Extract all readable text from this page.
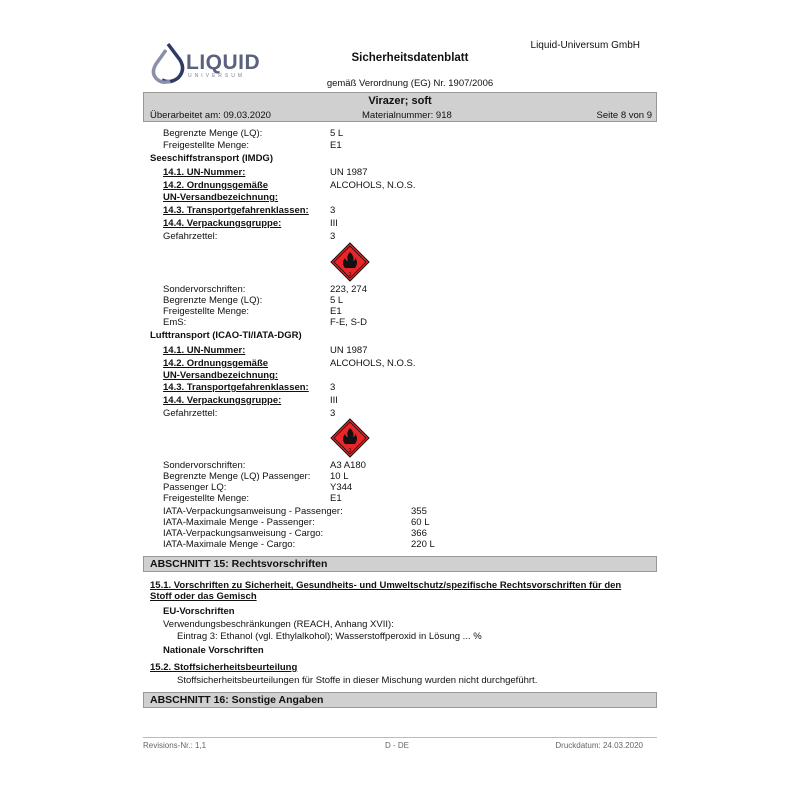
LIQUID
UNIVERSUM
Liquid-Universum GmbH
Sicherheitsdatenblatt
gemäß Verordnung (EG) Nr. 1907/2006
Virazer; soft
Überarbeitet am: 09.03.2020	Materialnummer: 918	Seite 8 von 9
Begrenzte Menge (LQ):	5 L
Freigestellte Menge:	E1
Seeschiffstransport (IMDG)
14.1. UN-Nummer:	UN 1987
14.2. Ordnungsgemäße	ALCOHOLS, N.O.S.
UN-Versandbezeichnung:
14.3. Transportgefahrenklassen: 3
14.4. Verpackungsgruppe:	III
Gefahrzettel:	3
3
Sondervorschriften:	223, 274
Begrenzte Menge (LQ):	5 L
Freigestellte Menge:	E1
EmS:	F-E, S-D
Lufttransport (ICAO-TI/IATA-DGR)
14.1. UN-Nummer:	UN 1987
14.2. Ordnungsgemäße	ALCOHOLS, N.O.S.
UN-Versandbezeichnung:
14.3. Transportgefahrenklassen: 3
14.4. Verpackungsgruppe:	III
Gefahrzettel:	3
3
Sondervorschriften:	A3 A180
Begrenzte Menge (LQ) Passenger: 10 L
Passenger LQ:	Y344
Freigestellte Menge:	E1
IATA-Verpackungsanweisung - Passenger:	355
IATA-Maximale Menge - Passenger:	60 L
IATA-Verpackungsanweisung - Cargo:	366
IATA-Maximale Menge - Cargo:	220 L
ABSCHNITT 15: Rechtsvorschriften
15.1. Vorschriften zu Sicherheit, Gesundheits- und Umweltschutz/spezifische Rechtsvorschriften für den
Stoff oder das Gemisch
EU-Vorschriften
Verwendungsbeschränkungen (REACH, Anhang XVII):
Eintrag 3: Ethanol (vgl. Ethylalkohol); Wasserstoffperoxid in Lösung ... %
Nationale Vorschriften
15.2. Stoffsicherheitsbeurteilung
Stoffsicherheitsbeurteilungen für Stoffe in dieser Mischung wurden nicht durchgeführt.
ABSCHNITT 16: Sonstige Angaben
Revisions-Nr.: 1,1	D - DE	Druckdatum: 24.03.2020
